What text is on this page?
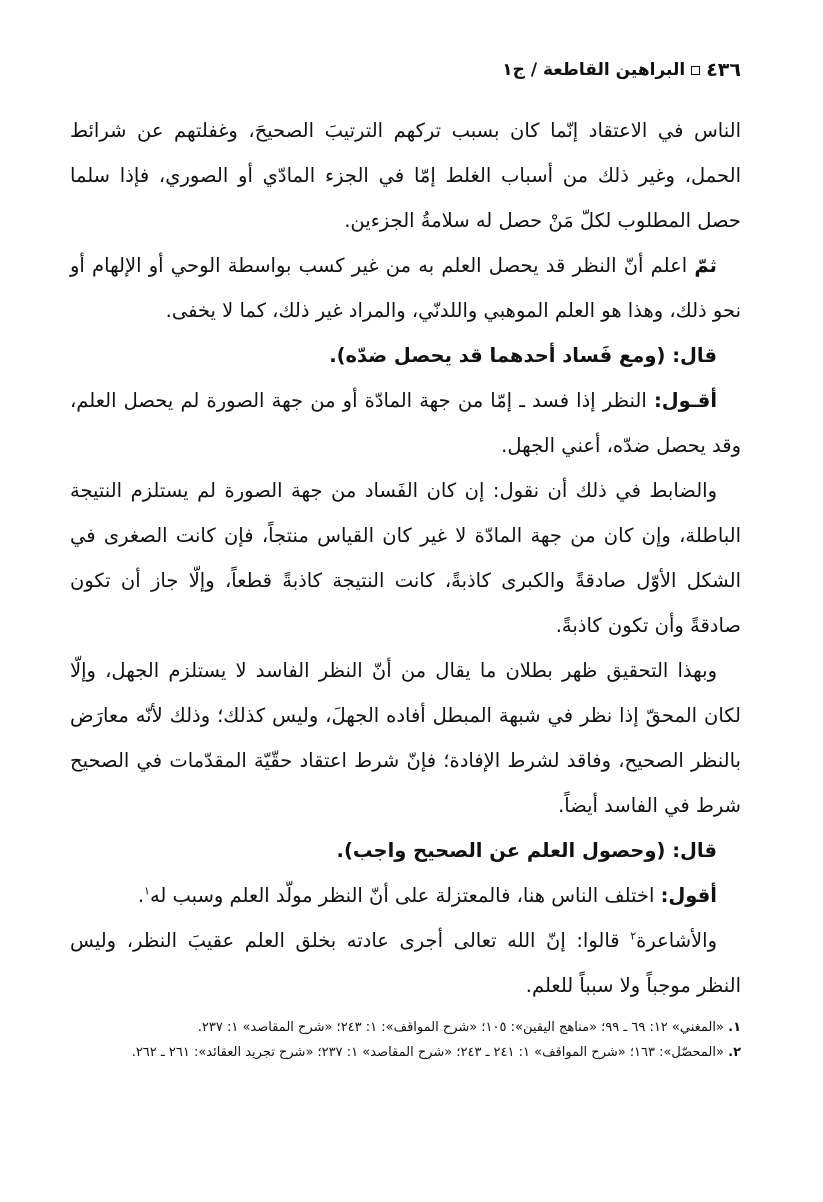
٤٣٦
البراهين القاطعة / ج١

الناس في الاعتقاد إنّما كان بسبب تركهم الترتيبَ الصحيحَ، وغفلتهم عن شرائط الحمل، وغير ذلك من أسباب الغلط إمّا في الجزء المادّي أو الصوري، فإذا سلما حصل المطلوب لكلّ مَنْ حصل له سلامةُ الجزءين.

ثمّ اعلم أنّ النظر قد يحصل العلم به من غير كسب بواسطة الوحي أو الإلهام أو نحو ذلك، وهذا هو العلم الموهبي واللدنّي، والمراد غير ذلك، كما لا يخفى.

قال: (ومع فَساد أحدهما قد يحصل ضدّه).

أقـول: النظر إذا فسد ـ إمّا من جهة المادّة أو من جهة الصورة لم يحصل العلم، وقد يحصل ضدّه، أعني الجهل.

والضابط في ذلك أن نقول: إن كان الفَساد من جهة الصورة لم يستلزم النتيجة الباطلة، وإن كان من جهة المادّة لا غير كان القياس منتجاً، فإن كانت الصغرى في الشكل الأوّل صادقةً والكبرى كاذبةً، كانت النتيجة كاذبةً قطعاً، وإلّا جاز أن تكون صادقةً وأن تكون كاذبةً.

وبهذا التحقيق ظهر بطلان ما يقال من أنّ النظر الفاسد لا يستلزم الجهل، وإلّا لكان المحقّ إذا نظر في شبهة المبطل أفاده الجهلَ، وليس كذلك؛ وذلك لأنّه معارَض بالنظر الصحيح، وفاقد لشرط الإفادة؛ فإنّ شرط اعتقاد حقّيّة المقدّمات في الصحيح شرط في الفاسد أيضاً.

قال: (وحصول العلم عن الصحيح واجب).

أقول: اختلف الناس هنا، فالمعتزلة على أنّ النظر مولّد العلم وسبب له$^١$.

والأشاعرة$^٢$ قالوا: إنّ الله تعالى أجرى عادته بخلق العلم عقيبَ النظر، وليس النظر موجباً ولا سبباً للعلم.

١. «المغني» ١٢: ٦٩ ـ ٩٩؛ «مناهج اليقين»: ١٠٥؛ «شرح المواقف»: ١: ٢٤٣؛ «شرح المقاصد» ١: ٢٣٧.

٢. «المحصّل»: ١٦٣؛ «شرح المواقف» ١: ٢٤١ ـ ٢٤٣؛ «شرح المقاصد» ١: ٢٣٧؛ «شرح تجريد العقائد»: ٢٦١ ـ ٢٦٢.
